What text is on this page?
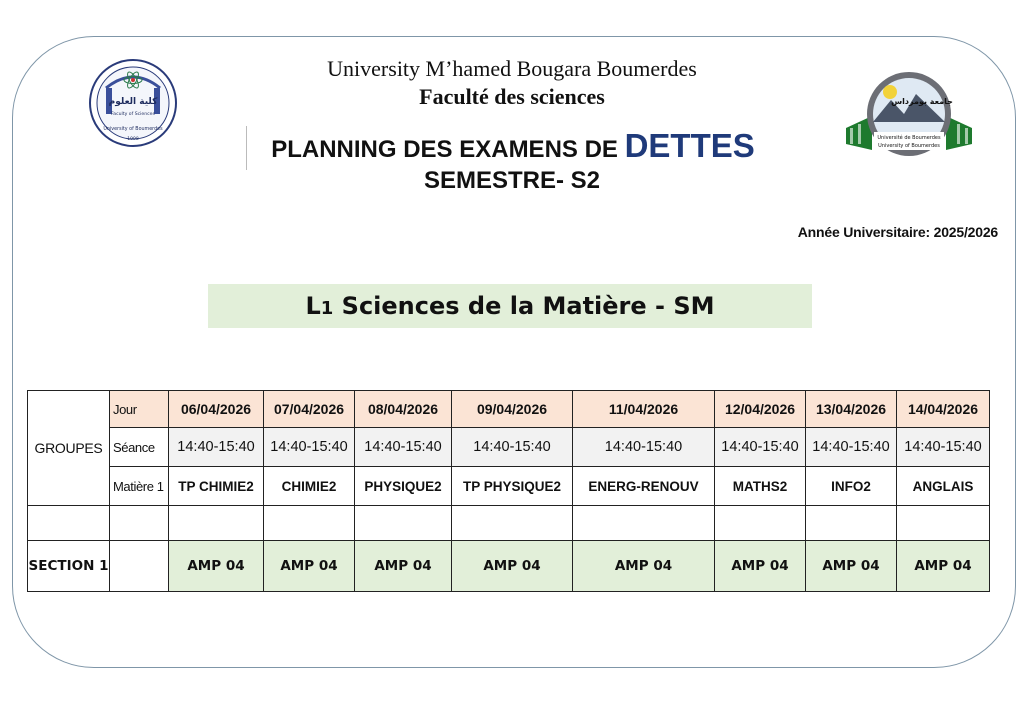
كلية العلوم
Faculty of Sciences
University of Boumerdes
1998
جامعة بومرداس
Université de Boumerdes
University of Boumerdes
University M’hamed Bougara Boumerdes
Faculté des sciences
PLANNING DES EXAMENS DE DETTES
SEMESTRE- S2
Année Universitaire: 2025/2026
L1 Sciences de la Matière - SM
GROUPES	Jour	06/04/2026	07/04/2026	08/04/2026	09/04/2026	11/04/2026	12/04/2026	13/04/2026	14/04/2026
	Séance	14:40-15:40	14:40-15:40	14:40-15:40	14:40-15:40	14:40-15:40	14:40-15:40	14:40-15:40	14:40-15:40
	Matière 1	TP CHIMIE2	CHIMIE2	PHYSIQUE2	TP PHYSIQUE2	ENERG-RENOUV	MATHS2	INFO2	ANGLAIS

SECTION 1		AMP 04	AMP 04	AMP 04	AMP 04	AMP 04	AMP 04	AMP 04	AMP 04
